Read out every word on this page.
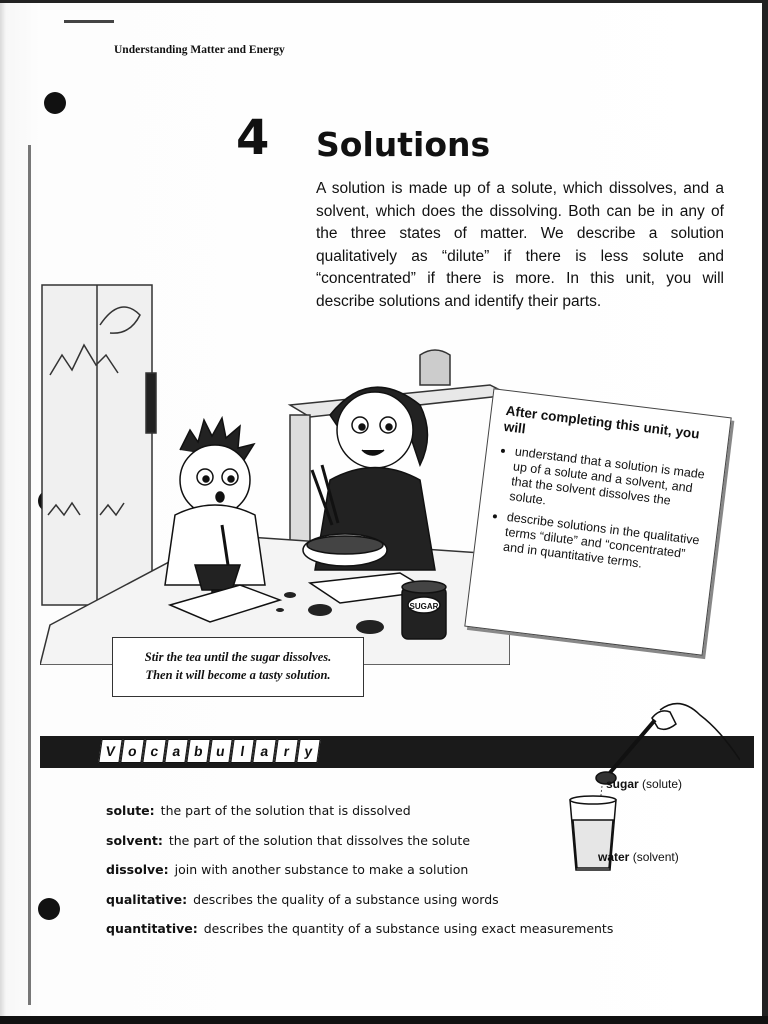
Understanding Matter and Energy
4 Solutions
A solution is made up of a solute, which dissolves, and a solvent, which does the dissolving. Both can be in any of the three states of matter. We describe a solution qualitatively as “dilute” if there is less solute and “concentrated” if there is more. In this unit, you will describe solutions and identify their parts.
SUGAR
After completing this unit, you will
• understand that a solution is made up of a solute and a solvent, and that the solvent dissolves the solute.
• describe solutions in the qualitative terms “dilute” and “concentrated” and in quantitative terms.
Stir the tea until the sugar dissolves.
Then it will become a tasty solution.
V o c a b u l a r y
sugar (solute)
water (solvent)
solute: the part of the solution that is dissolved
solvent: the part of the solution that dissolves the solute
dissolve: join with another substance to make a solution
qualitative: describes the quality of a substance using words
quantitative: describes the quantity of a substance using exact measurements
